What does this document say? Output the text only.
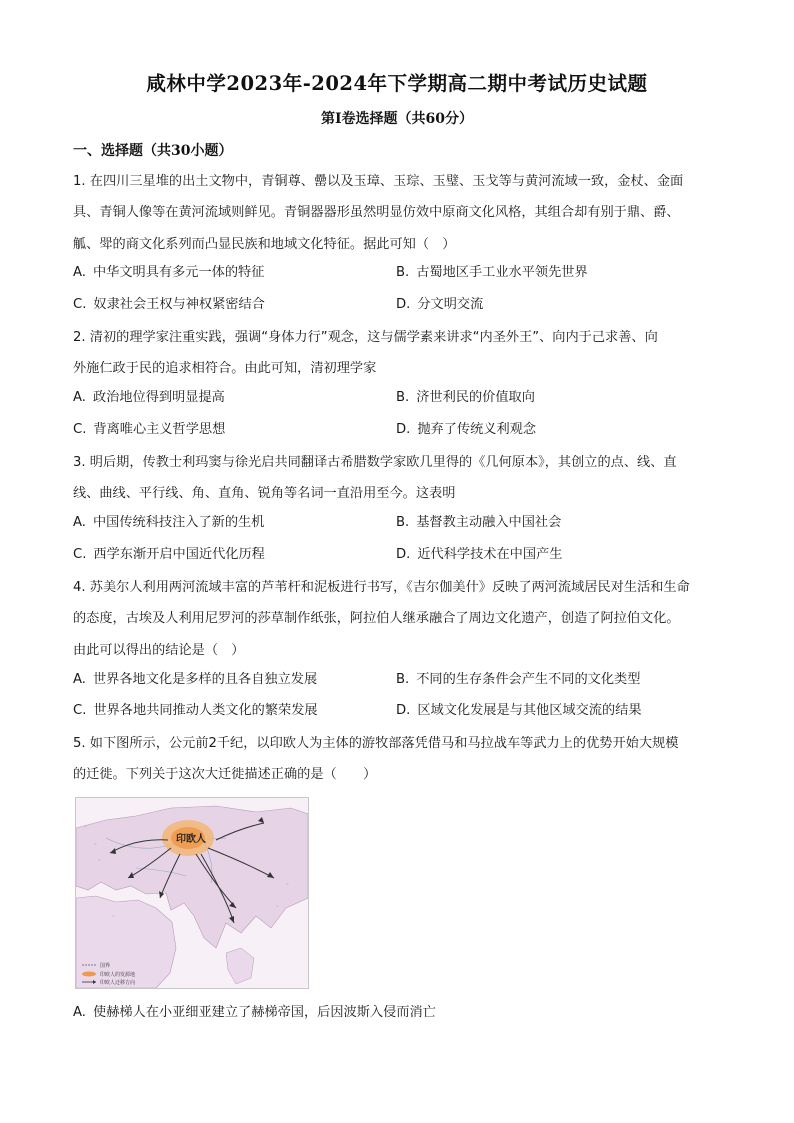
咸林中学2023年-2024年下学期高二期中考试历史试题
第Ⅰ卷选择题（共60分）
一、选择题（共30小题）
1. 在四川三星堆的出土文物中，青铜尊、罍以及玉璋、玉琮、玉璧、玉戈等与黄河流域一致，金杖、金面
具、青铜人像等在黄河流域则鲜见。青铜器器形虽然明显仿效中原商文化风格，其组合却有别于鼎、爵、
觚、斝的商文化系列而凸显民族和地域文化特征。据此可知（　）
A. 中华文明具有多元一体的特征	B. 古蜀地区手工业水平领先世界
C. 奴隶社会王权与神权紧密结合	D. 分文明交流
2. 清初的理学家注重实践，强调“身体力行”观念，这与儒学素来讲求“内圣外王”、向内于己求善、向
外施仁政于民的追求相符合。由此可知，清初理学家
A. 政治地位得到明显提高	B. 济世利民的价值取向
C. 背离唯心主义哲学思想	D. 抛弃了传统义利观念
3. 明后期，传教士利玛窦与徐光启共同翻译古希腊数学家欧几里得的《几何原本》，其创立的点、线、直
线、曲线、平行线、角、直角、锐角等名词一直沿用至今。这表明
A. 中国传统科技注入了新的生机	B. 基督教主动融入中国社会
C. 西学东渐开启中国近代化历程	D. 近代科学技术在中国产生
4. 苏美尔人利用两河流域丰富的芦苇杆和泥板进行书写，《吉尔伽美什》反映了两河流域居民对生活和生命
的态度，古埃及人利用尼罗河的莎草制作纸张，阿拉伯人继承融合了周边文化遗产，创造了阿拉伯文化。
由此可以得出的结论是（　）
A. 世界各地文化是多样的且各自独立发展	B. 不同的生存条件会产生不同的文化类型
C. 世界各地共同推动人类文化的繁荣发展	D. 区域文化发展是与其他区域交流的结果
5. 如下图所示，公元前2千纪，以印欧人为主体的游牧部落凭借马和马拉战车等武力上的优势开始大规模
的迁徙。下列关于这次大迁徙描述正确的是（　　）
印欧人
◦
◦
◦
◦
◦
◦
国界
印欧人的发源地
印欧人迁移方向
A. 使赫梯人在小亚细亚建立了赫梯帝国，后因波斯入侵而消亡
